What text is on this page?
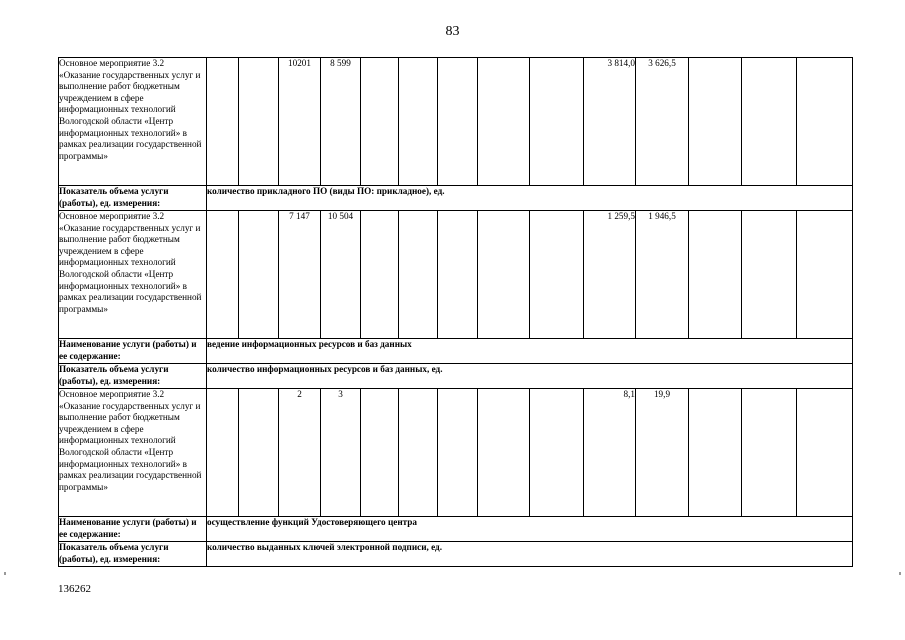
83
Основное мероприятие 3.2 «Оказание государственных услуг и выполнение работ бюджетным учреждением в сфере информационных технологий Вологодской области «Центр информационных технологий» в рамках реализации государственной программы»			10201	8 599						3 814,0	3 626,5			
Показатель объема услуги (работы), ед. измерения:	количество прикладного ПО (виды ПО: прикладное), ед.													
Основное мероприятие 3.2 «Оказание государственных услуг и выполнение работ бюджетным учреждением в сфере информационных технологий Вологодской области «Центр информационных технологий» в рамках реализации государственной программы»			7 147	10 504						1 259,5	1 946,5			
Наименование услуги (работы) и ее содержание:	ведение информационных ресурсов и баз данных													
Показатель объема услуги (работы), ед. измерения:	количество информационных ресурсов и баз данных, ед.													
Основное мероприятие 3.2 «Оказание государственных услуг и выполнение работ бюджетным учреждением в сфере информационных технологий Вологодской области «Центр информационных технологий» в рамках реализации государственной программы»			2	3						8,1	19,9			
Наименование услуги (работы) и ее содержание:	осуществление функций Удостоверяющего центра													
Показатель объема услуги (работы), ед. измерения:	количество выданных ключей электронной подписи, ед.													
136262
